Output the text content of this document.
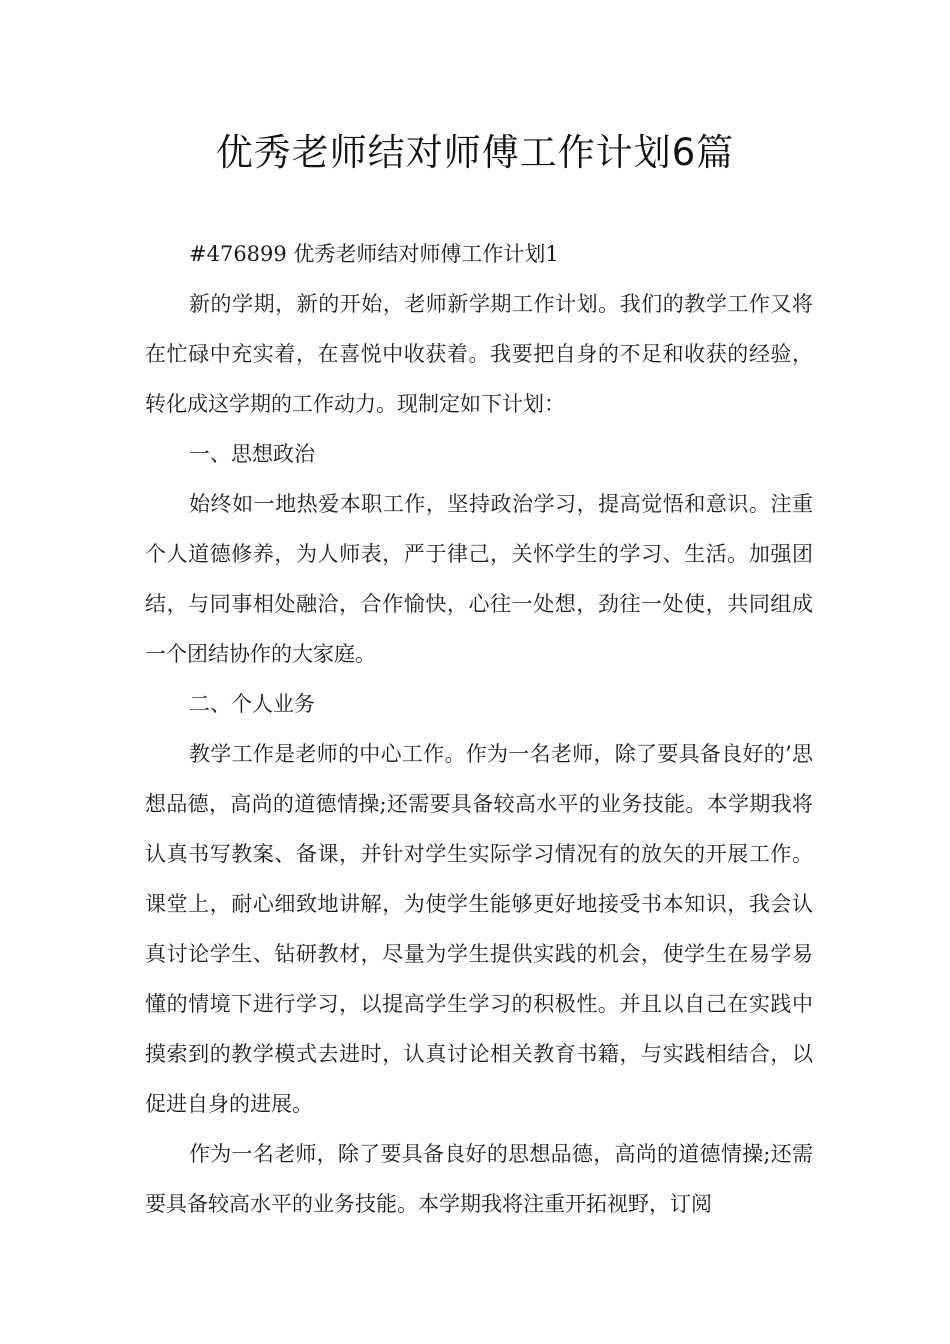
优秀老师结对师傅工作计划6篇

#476899 优秀老师结对师傅工作计划1

新的学期，新的开始，老师新学期工作计划。我们的教学工作又将在忙碌中充实着，在喜悦中收获着。我要把自身的不足和收获的经验，转化成这学期的工作动力。现制定如下计划：

一、思想政治

始终如一地热爱本职工作，坚持政治学习，提高觉悟和意识。注重个人道德修养，为人师表，严于律己，关怀学生的学习、生活。加强团结，与同事相处融洽，合作愉快，心往一处想，劲往一处使，共同组成一个团结协作的大家庭。

二、个人业务

教学工作是老师的中心工作。作为一名老师，除了要具备良好的’思想品德，高尚的道德情操;还需要具备较高水平的业务技能。本学期我将认真书写教案、备课，并针对学生实际学习情况有的放矢的开展工作。课堂上，耐心细致地讲解，为使学生能够更好地接受书本知识，我会认真讨论学生、钻研教材，尽量为学生提供实践的机会，使学生在易学易懂的情境下进行学习，以提高学生学习的积极性。并且以自己在实践中摸索到的教学模式去进时，认真讨论相关教育书籍，与实践相结合，以促进自身的进展。

作为一名老师，除了要具备良好的思想品德，高尚的道德情操;还需要具备较高水平的业务技能。本学期我将注重开拓视野，订阅
